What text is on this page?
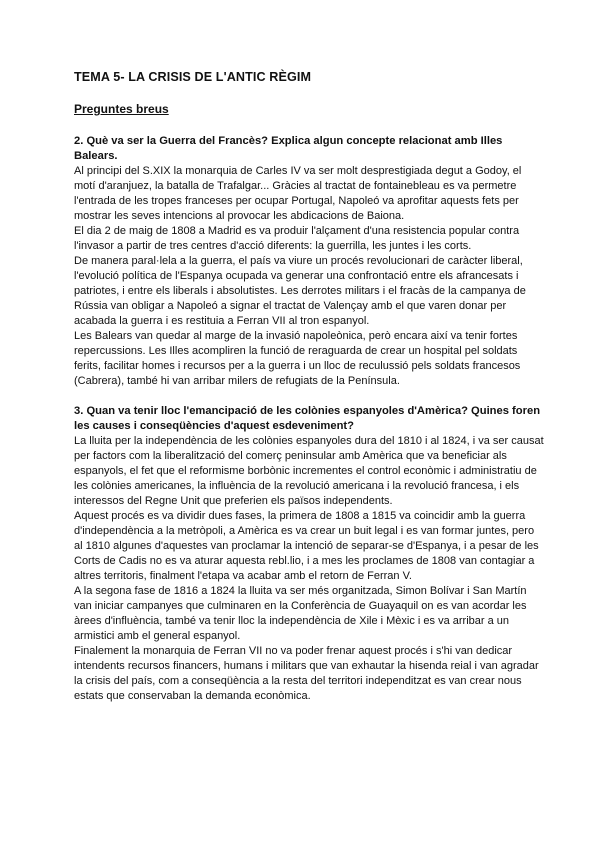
TEMA 5- LA CRISIS DE L'ANTIC RÈGIM
Preguntes breus

2. Què va ser la Guerra del Francès? Explica algun concepte relacionat amb Illes Balears.

Al principi del S.XIX la monarquia de Carles IV va ser molt desprestigiada degut a Godoy, el motí d'aranjuez, la batalla de Trafalgar... Gràcies al tractat de fontainebleau es va permetre l'entrada de les tropes franceses per ocupar Portugal, Napoleó va aprofitar aquests fets per mostrar les seves intencions al provocar les abdicacions de Baiona.

El dia 2 de maig de 1808 a Madrid es va produir l'alçament d'una resistencia popular contra l'invasor a partir de tres centres d'acció diferents: la guerrilla, les juntes i les corts.

De manera paral·lela a la guerra, el país va viure un procés revolucionari de caràcter liberal, l'evolució política de l'Espanya ocupada va generar una confrontació entre els afrancesats i patriotes, i entre els liberals i absolutistes. Les derrotes militars i el fracàs de la campanya de Rússia van obligar a Napoleó a signar el tractat de Valençay amb el que varen donar per acabada la guerra i es restituia a Ferran VII al tron espanyol.

Les Balears van quedar al marge de la invasió napoleònica, però encara així va tenir fortes repercussions. Les Illes acompliren la funció de reraguarda de crear un hospital pel soldats ferits, facilitar homes i recursos per a la guerra i un lloc de reculussió pels soldats francesos (Cabrera), també hi van arribar milers de refugiats de la Península.

3. Quan va tenir lloc l'emancipació de les colònies espanyoles d'Amèrica? Quines foren les causes i conseqüències d'aquest esdeveniment?

La lluita per la independència de les colònies espanyoles dura del 1810 i al 1824, i va ser causat per factors com la liberalització del comerç peninsular amb Amèrica que va beneficiar als espanyols, el fet que el reformisme borbònic incrementes el control econòmic i administratiu de les colònies americanes, la influència de la revolució americana i la revolució francesa, i els interessos del Regne Unit que preferien els països independents.

Aquest procés es va dividir dues fases, la primera de 1808 a 1815 va coincidir amb la guerra d'independència a la metròpoli, a Amèrica es va crear un buit legal i es van formar juntes, pero al 1810 algunes d'aquestes van proclamar la intenció de separar-se d'Espanya, i a pesar de les Corts de Cadis no es va aturar aquesta rebl.lio, i a mes les proclames de 1808 van contagiar a altres territoris, finalment l'etapa va acabar amb el retorn de Ferran V.

A la segona fase de 1816 a 1824 la lluita va ser més organitzada, Simon Bolívar i San Martín van iniciar campanyes que culminaren en la Conferència de Guayaquil on es van acordar les àrees d'influència, també va tenir lloc la independència de Xile i Mèxic i es va arribar a un armistici amb el general espanyol.

Finalement la monarquia de Ferran VII no va poder frenar aquest procés i s'hi van dedicar intendents recursos financers, humans i militars que van exhautar la hisenda reial i van agradar la crisis del país, com a conseqüència a la resta del territori independitzat es van crear nous estats que conservaban la demanda econòmica.
